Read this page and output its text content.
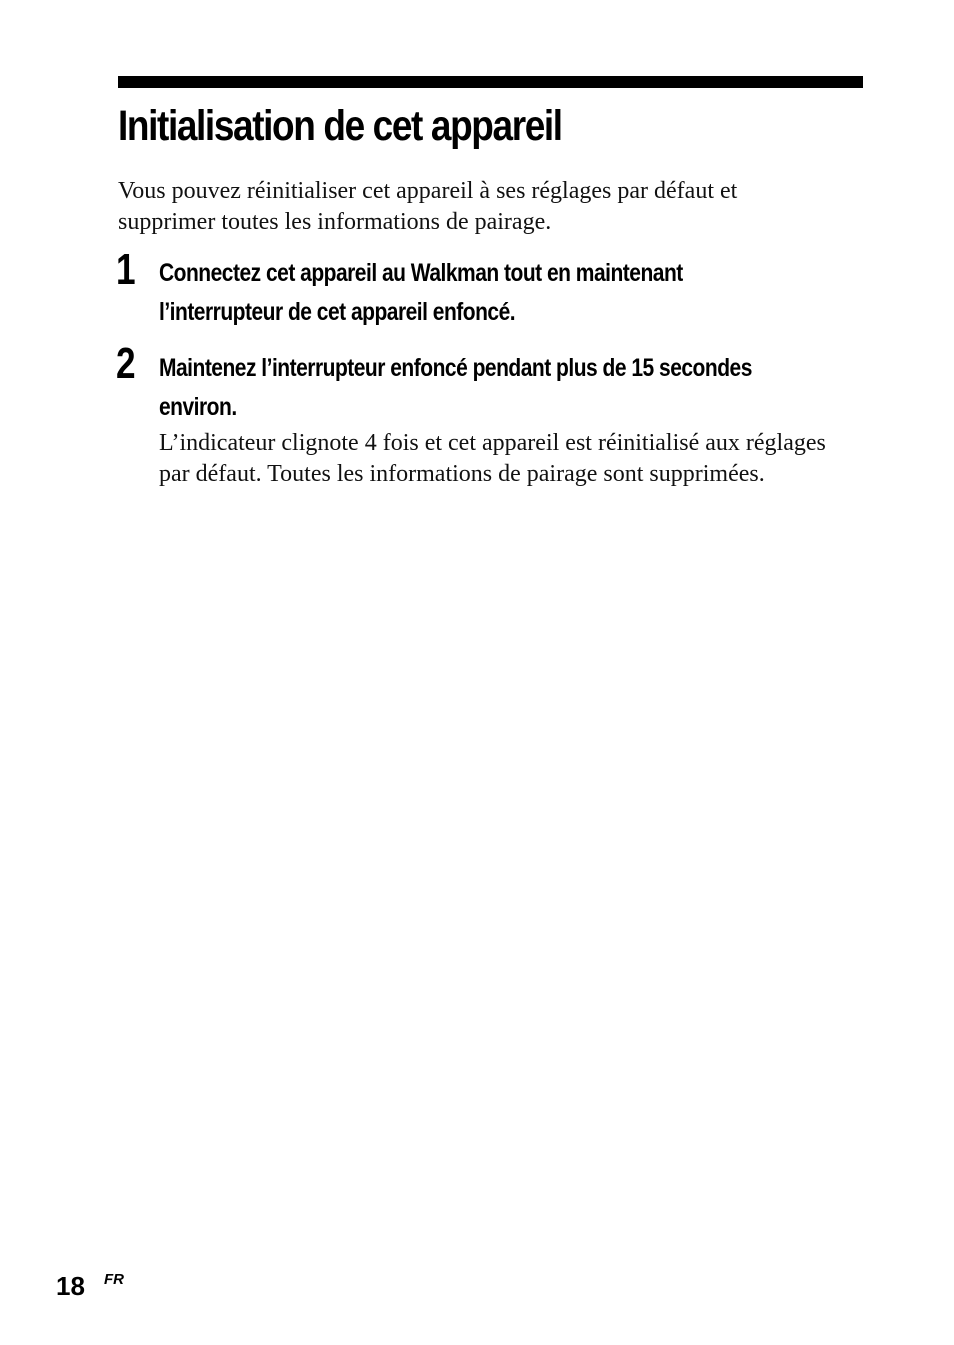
Initialisation de cet appareil

Vous pouvez réinitialiser cet appareil à ses réglages par défaut et supprimer toutes les informations de pairage.

1 Connectez cet appareil au Walkman tout en maintenant
l’interrupteur de cet appareil enfoncé.

2 Maintenez l’interrupteur enfoncé pendant plus de 15 secondes
environ.

L’indicateur clignote 4 fois et cet appareil est réinitialisé aux réglages par défaut. Toutes les informations de pairage sont supprimées.

18 FR
